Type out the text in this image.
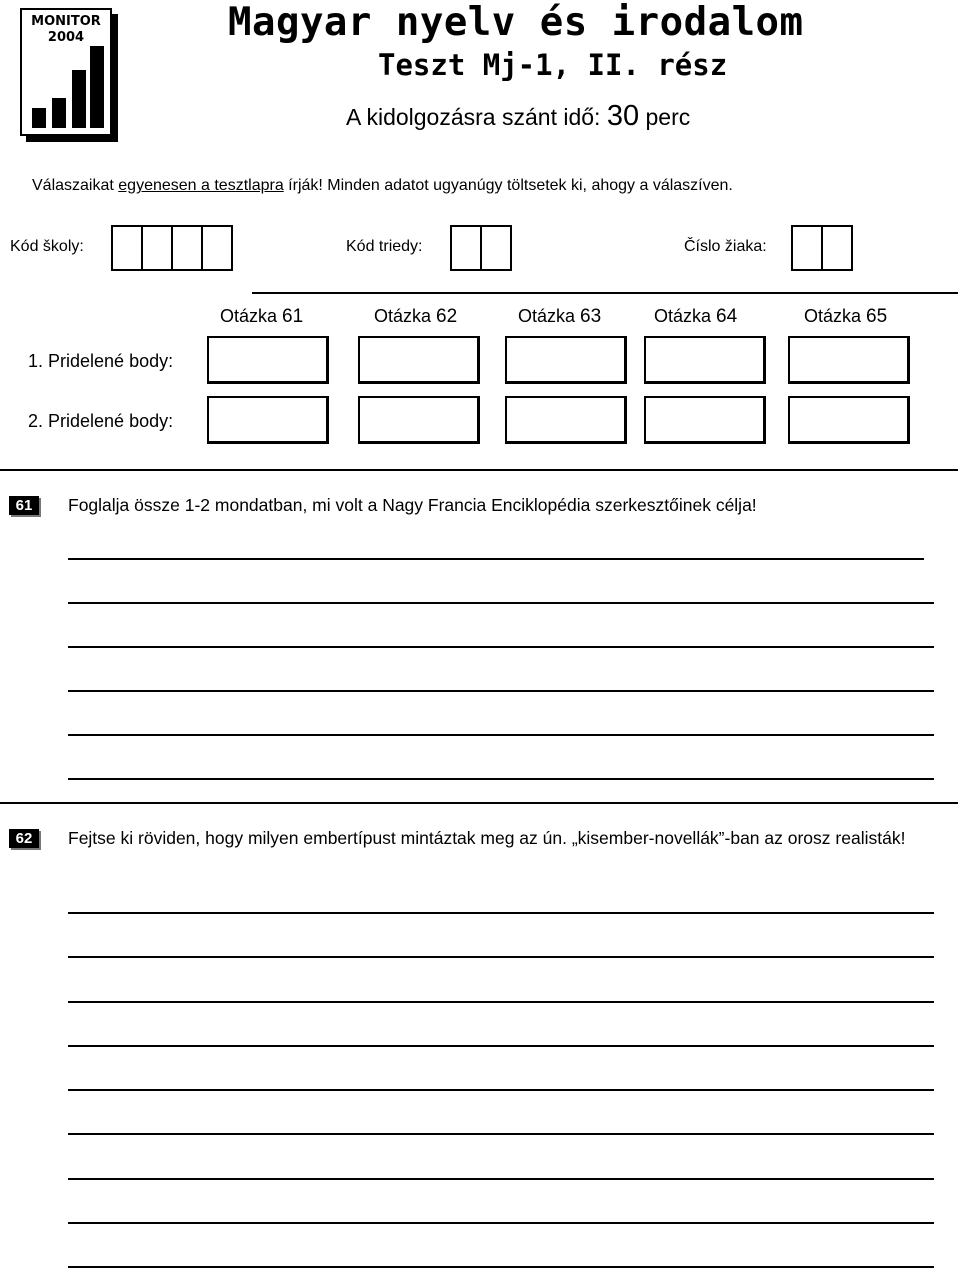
MONITOR
2004	Magyar nyelv és irodalom
Teszt Mj-1, II. rész
A kidolgozásra szánt idő: 30 perc
Válaszaikat egyenesen a tesztlapra írják! Minden adatot ugyanúgy töltsetek ki, ahogy a válaszíven.
Kód školy:	Kód triedy:	Číslo žiaka:
Otázka 61	Otázka 62	Otázka 63	Otázka 64	Otázka 65
1. Pridelené body:
2. Pridelené body:
61	Foglalja össze 1-2 mondatban, mi volt a Nagy Francia Enciklopédia szerkesztőinek célja!
62	Fejtse ki röviden, hogy milyen embertípust mintáztak meg az ún. „kisember-novellák”-ban az orosz realisták!
